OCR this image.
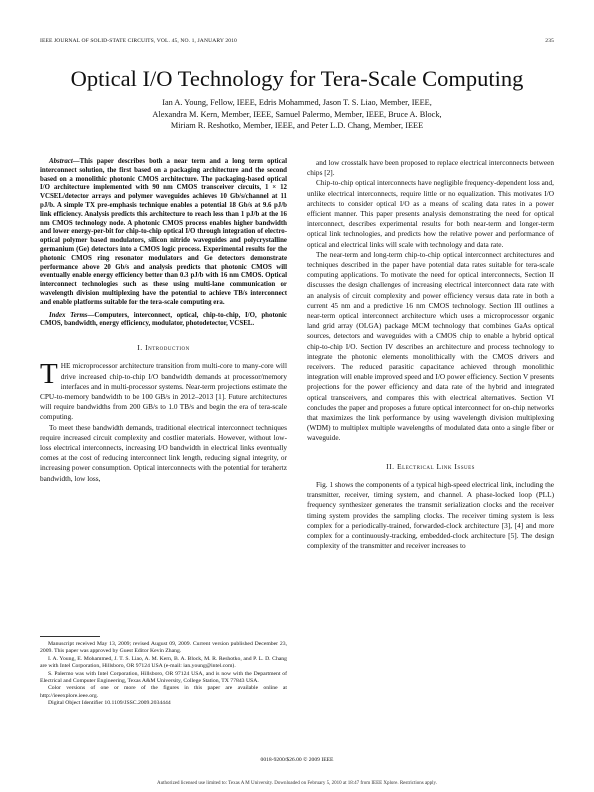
IEEE JOURNAL OF SOLID-STATE CIRCUITS, VOL. 45, NO. 1, JANUARY 2010	235
Optical I/O Technology for Tera-Scale Computing
Ian A. Young, Fellow, IEEE, Edris Mohammed, Jason T. S. Liao, Member, IEEE,
Alexandra M. Kern, Member, IEEE, Samuel Palermo, Member, IEEE, Bruce A. Block,
Miriam R. Reshotko, Member, IEEE, and Peter L.D. Chang, Member, IEEE

Abstract—This paper describes both a near term and a long term optical interconnect solution, the first based on a packaging architecture and the second based on a monolithic photonic CMOS architecture. The packaging-based optical I/O architecture implemented with 90 nm CMOS transceiver circuits, 1 × 12 VCSEL/detector arrays and polymer waveguides achieves 10 Gb/s/channel at 11 pJ/b. A simple TX pre-emphasis technique enables a potential 18 Gb/s at 9.6 pJ/b link efficiency. Analysis predicts this architecture to reach less than 1 pJ/b at the 16 nm CMOS technology node. A photonic CMOS process enables higher bandwidth and lower energy-per-bit for chip-to-chip optical I/O through integration of electro-optical polymer based modulators, silicon nitride waveguides and polycrystalline germanium (Ge) detectors into a CMOS logic process. Experimental results for the photonic CMOS ring resonator modulators and Ge detectors demonstrate performance above 20 Gb/s and analysis predicts that photonic CMOS will eventually enable energy efficiency better than 0.3 pJ/b with 16 nm CMOS. Optical interconnect technologies such as these using multi-lane communication or wavelength division multiplexing have the potential to achieve TB/s interconnect and enable platforms suitable for the tera-scale computing era.

Index Terms—Computers, interconnect, optical, chip-to-chip, I/O, photonic CMOS, bandwidth, energy efficiency, modulator, photodetector, VCSEL.

I. Introduction

THE microprocessor architecture transition from multi-core to many-core will drive increased chip-to-chip I/O bandwidth demands at processor/memory interfaces and in multi-processor systems. Near-term projections estimate the CPU-to-memory bandwidth to be 100 GB/s in 2012–2013 [1]. Future architectures will require bandwidths from 200 GB/s to 1.0 TB/s and begin the era of tera-scale computing.

To meet these bandwidth demands, traditional electrical interconnect techniques require increased circuit complexity and costlier materials. However, without low-loss electrical interconnects, increasing I/O bandwidth in electrical links eventually comes at the cost of reducing interconnect link length, reducing signal integrity, or increasing power consumption. Optical interconnects with the potential for terahertz bandwidth, low loss,

Manuscript received May 13, 2009; revised August 09, 2009. Current version published December 23, 2009. This paper was approved by Guest Editor Kevin Zhang.

I. A. Young, E. Mohammed, J. T. S. Liao, A. M. Kern, B. A. Block, M. R. Reshotko, and P. L. D. Chang are with Intel Corporation, Hillsboro, OR 97124 USA (e-mail: ian.young@intel.com).

S. Palermo was with Intel Corporation, Hillsboro, OR 97124 USA, and is now with the Department of Electrical and Computer Engineering, Texas A&M University, College Station, TX 77843 USA.

Color versions of one or more of the figures in this paper are available online at http://ieeexplore.ieee.org.

Digital Object Identifier 10.1109/JSSC.2009.2034444

and low crosstalk have been proposed to replace electrical interconnects between chips [2].

Chip-to-chip optical interconnects have negligible frequency-dependent loss and, unlike electrical interconnects, require little or no equalization. This motivates I/O architects to consider optical I/O as a means of scaling data rates in a power efficient manner. This paper presents analysis demonstrating the need for optical interconnect, describes experimental results for both near-term and longer-term optical link technologies, and predicts how the relative power and performance of optical and electrical links will scale with technology and data rate.

The near-term and long-term chip-to-chip optical interconnect architectures and techniques described in the paper have potential data rates suitable for tera-scale computing applications. To motivate the need for optical interconnects, Section II discusses the design challenges of increasing electrical interconnect data rate with an analysis of circuit complexity and power efficiency versus data rate in both a current 45 nm and a predictive 16 nm CMOS technology. Section III outlines a near-term optical interconnect architecture which uses a microprocessor organic land grid array (OLGA) package MCM technology that combines GaAs optical sources, detectors and waveguides with a CMOS chip to enable a hybrid optical chip-to-chip I/O. Section IV describes an architecture and process technology to integrate the photonic elements monolithically with the CMOS drivers and receivers. The reduced parasitic capacitance achieved through monolithic integration will enable improved speed and I/O power efficiency. Section V presents projections for the power efficiency and data rate of the hybrid and integrated optical transceivers, and compares this with electrical alternatives. Section VI concludes the paper and proposes a future optical interconnect for on-chip networks that maximizes the link performance by using wavelength division multiplexing (WDM) to multiplex multiple wavelengths of modulated data onto a single fiber or waveguide.

II. Electrical Link Issues

Fig. 1 shows the components of a typical high-speed electrical link, including the transmitter, receiver, timing system, and channel. A phase-locked loop (PLL) frequency synthesizer generates the transmit serialization clocks and the receiver timing system provides the sampling clocks. The receiver timing system is less complex for a periodically-trained, forwarded-clock architecture [3], [4] and more complex for a continuously-tracking, embedded-clock architecture [5]. The design complexity of the transmitter and receiver increases to

0018-9200/$26.00 © 2009 IEEE
Authorized licensed use limited to: Texas A M University. Downloaded on February 5, 2010 at 18:47 from IEEE Xplore. Restrictions apply.
